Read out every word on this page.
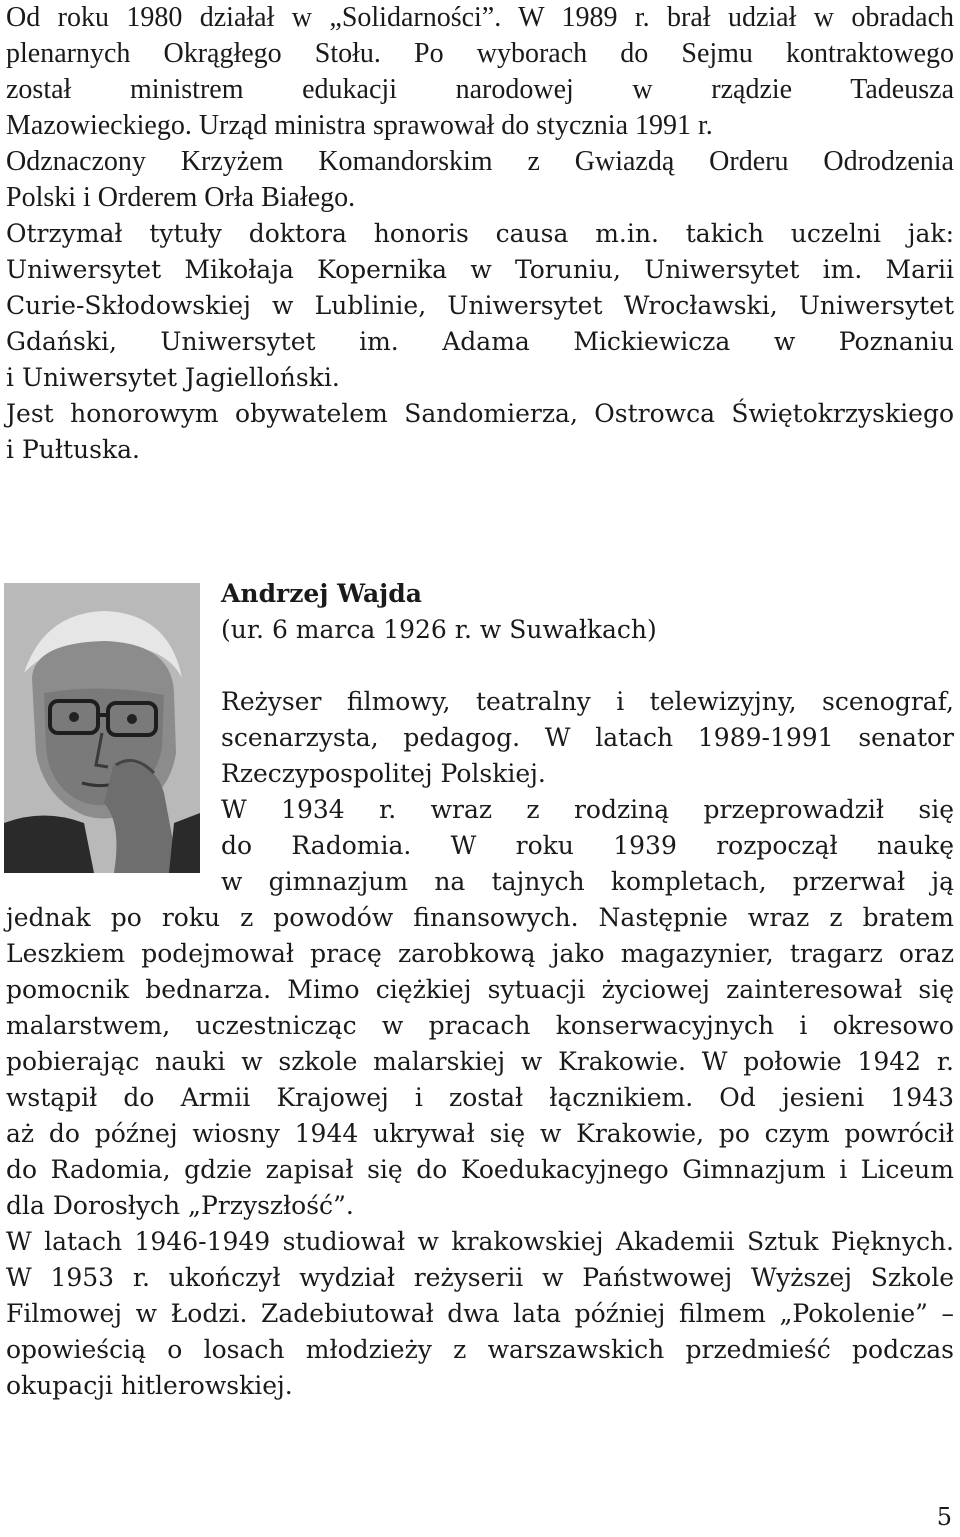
Od roku 1980 działał w „Solidarności”. W 1989 r. brał udział w obradach

plenarnych Okrągłego Stołu. Po wyborach do Sejmu kontraktowego

został ministrem edukacji narodowej w rządzie Tadeusza

Mazowieckiego. Urząd ministra sprawował do stycznia 1991 r.

Odznaczony Krzyżem Komandorskim z Gwiazdą Orderu Odrodzenia

Polski i Orderem Orła Białego.

Otrzymał tytuły doktora honoris causa m.in. takich uczelni jak:

Uniwersytet Mikołaja Kopernika w Toruniu, Uniwersytet im. Marii

Curie-Skłodowskiej w Lublinie, Uniwersytet Wrocławski, Uniwersytet

Gdański, Uniwersytet im. Adama Mickiewicza w Poznaniu

i Uniwersytet Jagielloński.

Jest honorowym obywatelem Sandomierza, Ostrowca Świętokrzyskiego

i Pułtuska.

Andrzej Wajda

(ur. 6 marca 1926 r. w Suwałkach)

Reżyser filmowy, teatralny i telewizyjny, scenograf,

scenarzysta, pedagog. W latach 1989-1991 senator

Rzeczypospolitej Polskiej.

W 1934 r. wraz z rodziną przeprowadził się

do Radomia. W roku 1939 rozpoczął naukę

w gimnazjum na tajnych kompletach, przerwał ją

jednak po roku z powodów finansowych. Następnie wraz z bratem

Leszkiem podejmował pracę zarobkową jako magazynier, tragarz oraz

pomocnik bednarza. Mimo ciężkiej sytuacji życiowej zainteresował się

malarstwem, uczestnicząc w pracach konserwacyjnych i okresowo

pobierając nauki w szkole malarskiej w Krakowie. W połowie 1942 r.

wstąpił do Armii Krajowej i został łącznikiem. Od jesieni 1943

aż do późnej wiosny 1944 ukrywał się w Krakowie, po czym powrócił

do Radomia, gdzie zapisał się do Koedukacyjnego Gimnazjum i Liceum

dla Dorosłych „Przyszłość”.

W latach 1946-1949 studiował w krakowskiej Akademii Sztuk Pięknych.

W 1953 r. ukończył wydział reżyserii w Państwowej Wyższej Szkole

Filmowej w Łodzi. Zadebiutował dwa lata później filmem „Pokolenie” –

opowieścią o losach młodzieży z warszawskich przedmieść podczas

okupacji hitlerowskiej.

5
